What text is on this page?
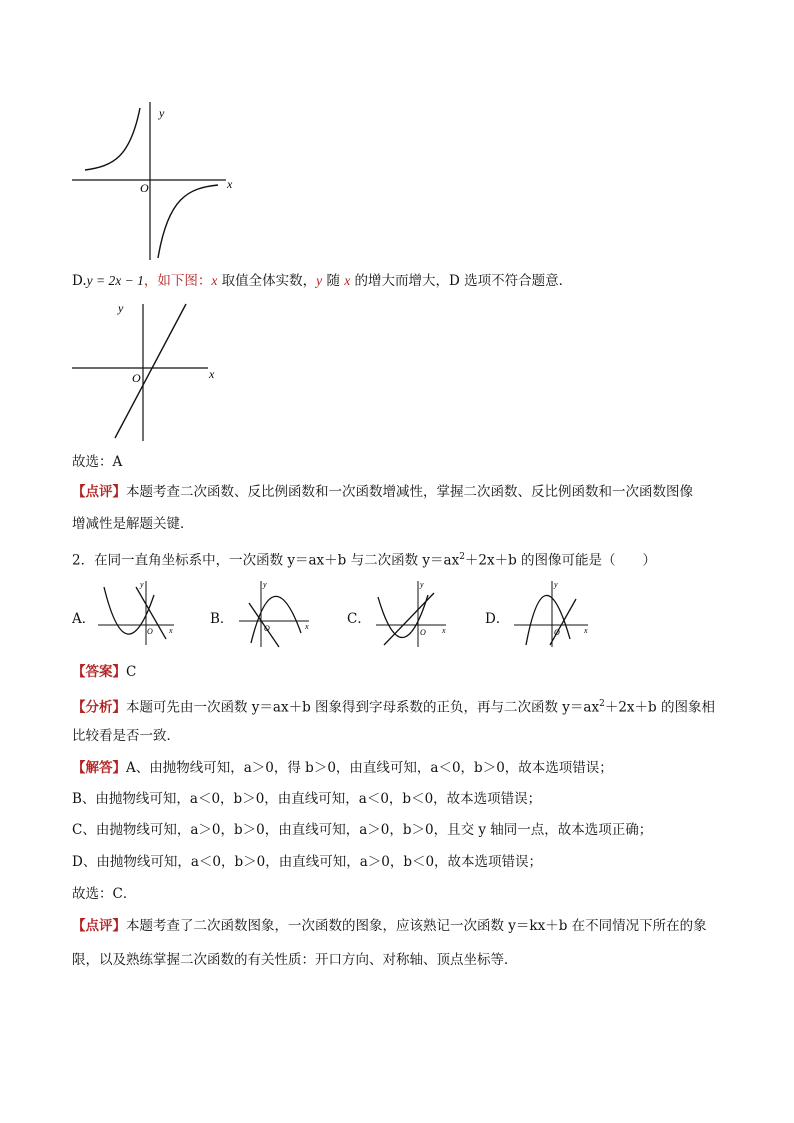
y
x
O
D.y = 2x − 1，如下图：x 取值全体实数，y 随 x 的增大而增大，D 选项不符合题意．
y
x
O
故选：A
【点评】本题考查二次函数、反比例函数和一次函数增减性，掌握二次函数、反比例函数和一次函数图像
增减性是解题关键．
2．在同一直角坐标系中，一次函数 y＝ax＋b 与二次函数 $y=ax^2+2x+b$ 的图像可能是（　　）
A．	B．	C．	D．
y
x
O
y
x
O
y
x
O
y
x
O
【答案】C
【分析】本题可先由一次函数 y＝ax＋b 图象得到字母系数的正负，再与二次函数 $y=ax^2+2x+b$ 的图象相
比较看是否一致．
【解答】A、由抛物线可知，a＞0，得 b＞0，由直线可知，a＜0，b＞0，故本选项错误；
B、由抛物线可知，a＜0，b＞0，由直线可知，a＜0，b＜0，故本选项错误；
C、由抛物线可知，a＞0，b＞0，由直线可知，a＞0，b＞0，且交 y 轴同一点，故本选项正确；
D、由抛物线可知，a＜0，b＞0，由直线可知，a＞0，b＜0，故本选项错误；
故选：C．
【点评】本题考查了二次函数图象，一次函数的图象，应该熟记一次函数 y＝kx＋b 在不同情况下所在的象
限，以及熟练掌握二次函数的有关性质：开口方向、对称轴、顶点坐标等．
